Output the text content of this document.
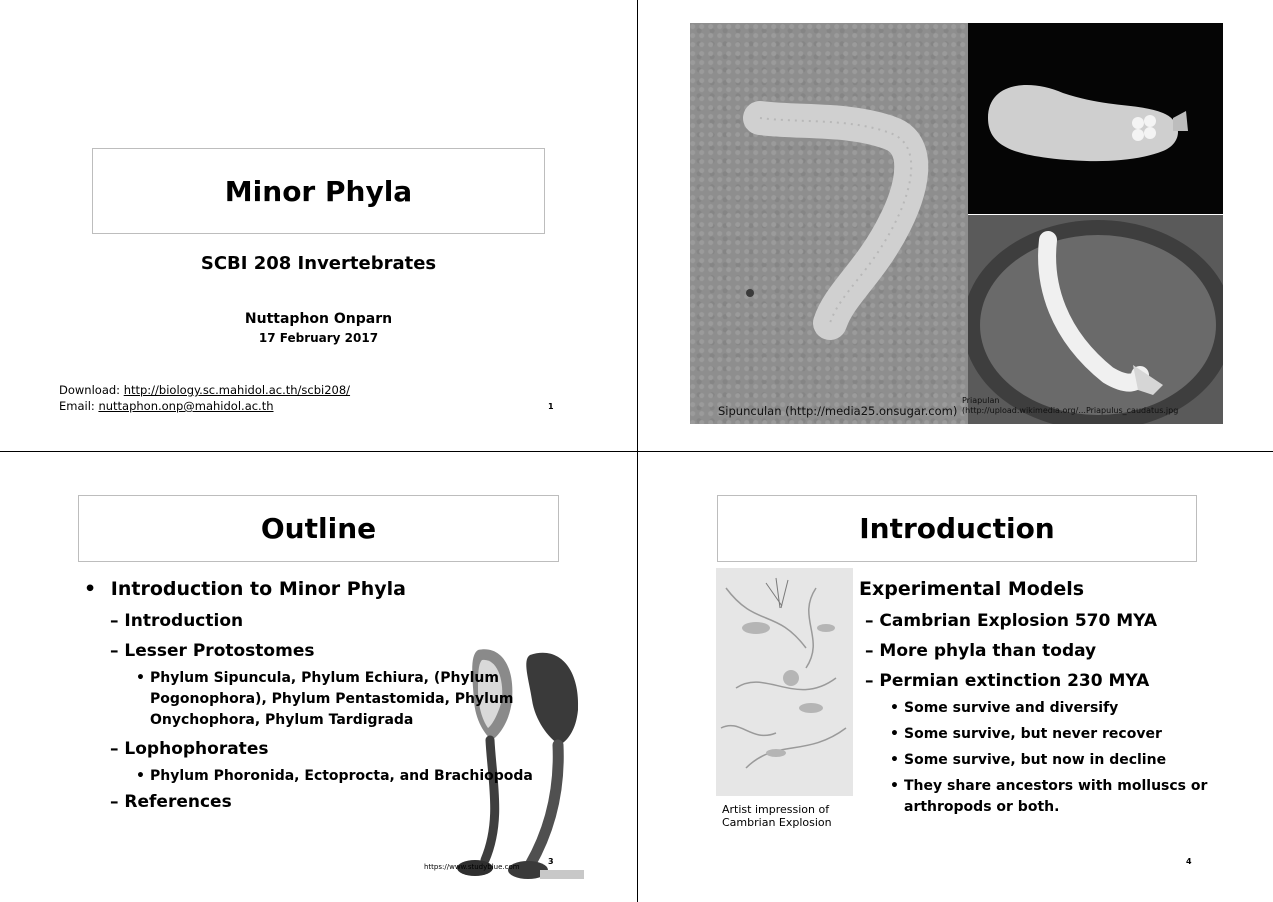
Minor Phyla
SCBI 208 Invertebrates
Nuttaphon Onparn
17 February 2017
Download: http://biology.sc.mahidol.ac.th/scbi208/
Email: nuttaphon.onp@mahidol.ac.th	1	Sipunculan (http://media25.onsugar.com)
Priapulan
(http://upload.wikimedia.org/...Priapulus_caudatus.jpg
Outline
• Introduction to Minor Phyla
– Introduction
– Lesser Protostomes
• Phylum Sipuncula, Phylum Echiura, (Phylum
Pogonophora), Phylum Pentastomida, Phylum
Onychophora, Phylum Tardigrada
– Lophophorates
• Phylum Phoronida, Ectoprocta, and Brachiopoda
– References
https://www.studyblue.com
3
Introduction
Artist impression of
Cambrian Explosion
Experimental Models
– Cambrian Explosion 570 MYA
– More phyla than today
– Permian extinction 230 MYA
• Some survive and diversify
• Some survive, but never recover
• Some survive, but now in decline
• They share ancestors with molluscs or
arthropods or both.
4
